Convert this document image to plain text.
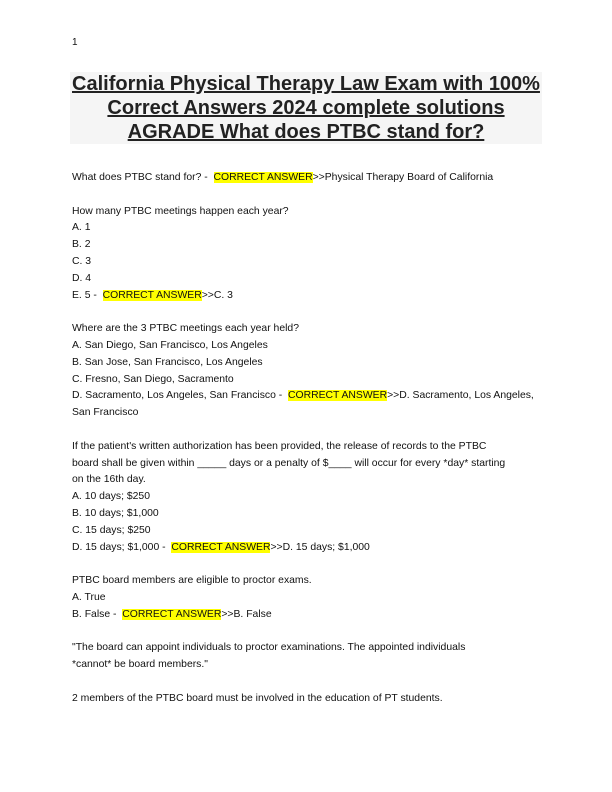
1
California Physical Therapy Law Exam with 100% Correct Answers 2024 complete solutions AGRADE What does PTBC stand for?
What does PTBC stand for? -  CORRECT ANSWER>>Physical Therapy Board of California
How many PTBC meetings happen each year?
A. 1
B. 2
C. 3
D. 4
E. 5 -  CORRECT ANSWER>>C. 3
Where are the 3 PTBC meetings each year held?
A. San Diego, San Francisco, Los Angeles
B. San Jose, San Francisco, Los Angeles
C. Fresno, San Diego, Sacramento
D. Sacramento, Los Angeles, San Francisco -  CORRECT ANSWER>>D. Sacramento, Los Angeles,
San Francisco
If the patient's written authorization has been provided, the release of records to the PTBC
board shall be given within _____ days or a penalty of $____ will occur for every *day* starting
on the 16th day.
A. 10 days; $250
B. 10 days; $1,000
C. 15 days; $250
D. 15 days; $1,000 -  CORRECT ANSWER>>D. 15 days; $1,000
PTBC board members are eligible to proctor exams.
A. True
B. False -  CORRECT ANSWER>>B. False
"The board can appoint individuals to proctor examinations. The appointed individuals
*cannot* be board members."
2 members of the PTBC board must be involved in the education of PT students.
